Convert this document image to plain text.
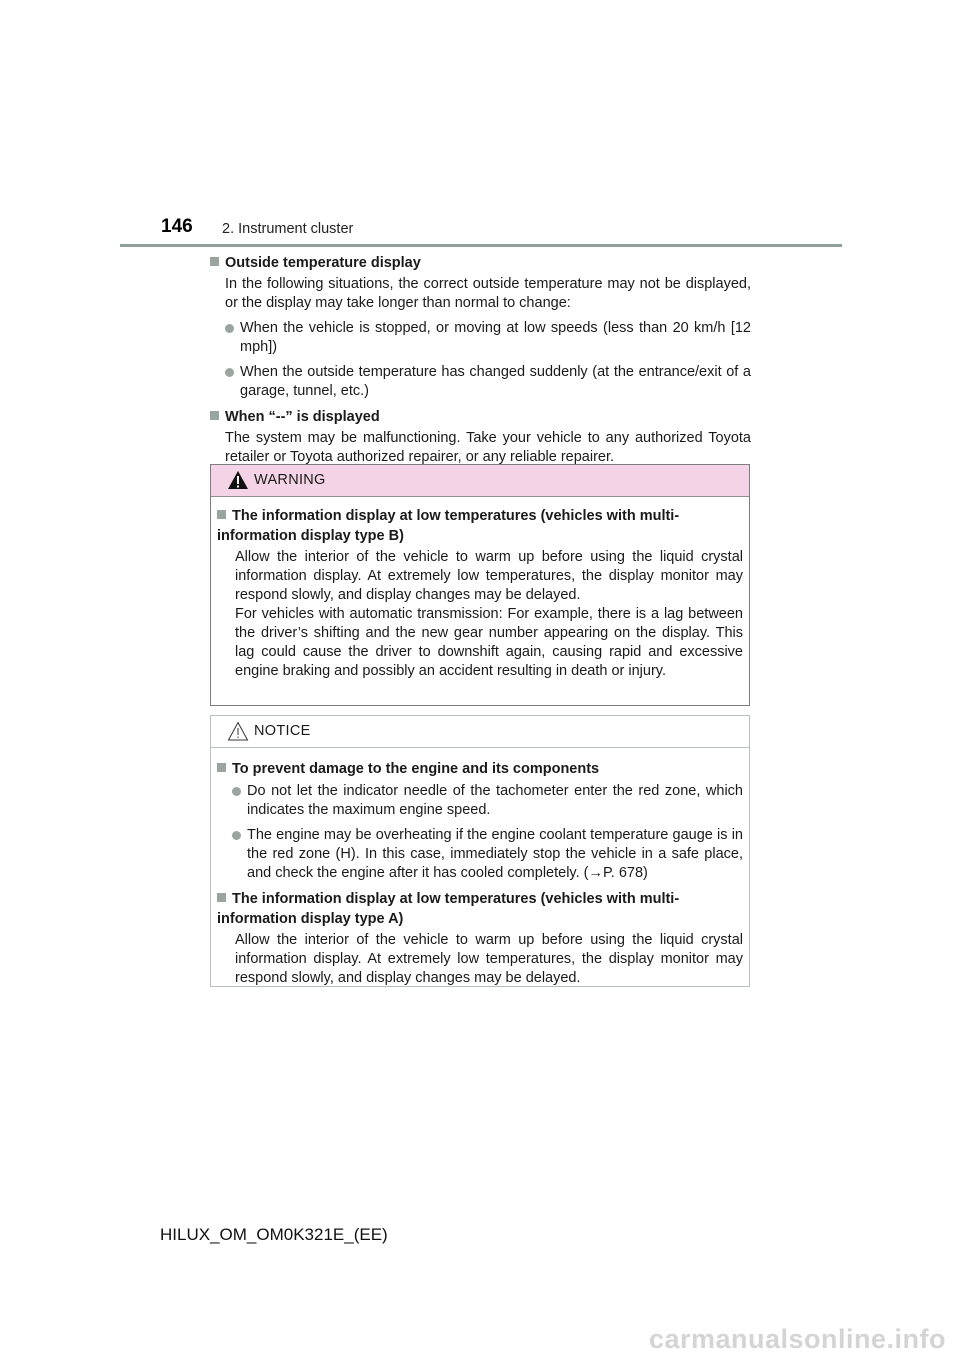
146 2. Instrument cluster

Outside temperature display

In the following situations, the correct outside temperature may not be displayed, or the display may take longer than normal to change:

When the vehicle is stopped, or moving at low speeds (less than 20 km/h [12 mph])
When the outside temperature has changed suddenly (at the entrance/exit of a garage, tunnel, etc.)

When “--” is displayed

The system may be malfunctioning. Take your vehicle to any authorized Toyota retailer or Toyota authorized repairer, or any reliable repairer.

WARNING

The information display at low temperatures (vehicles with multi-information display type B)

Allow the interior of the vehicle to warm up before using the liquid crystal information display. At extremely low temperatures, the display monitor may respond slowly, and display changes may be delayed.

For vehicles with automatic transmission: For example, there is a lag between the driver’s shifting and the new gear number appearing on the display. This lag could cause the driver to downshift again, causing rapid and excessive engine braking and possibly an accident resulting in death or injury.

NOTICE

To prevent damage to the engine and its components

Do not let the indicator needle of the tachometer enter the red zone, which indicates the maximum engine speed.
The engine may be overheating if the engine coolant temperature gauge is in the red zone (H). In this case, immediately stop the vehicle in a safe place, and check the engine after it has cooled completely. (→P. 678)

The information display at low temperatures (vehicles with multi-information display type A)

Allow the interior of the vehicle to warm up before using the liquid crystal information display. At extremely low temperatures, the display monitor may respond slowly, and display changes may be delayed.

HILUX_OM_OM0K321E_(EE)
carmanualsonline.info
